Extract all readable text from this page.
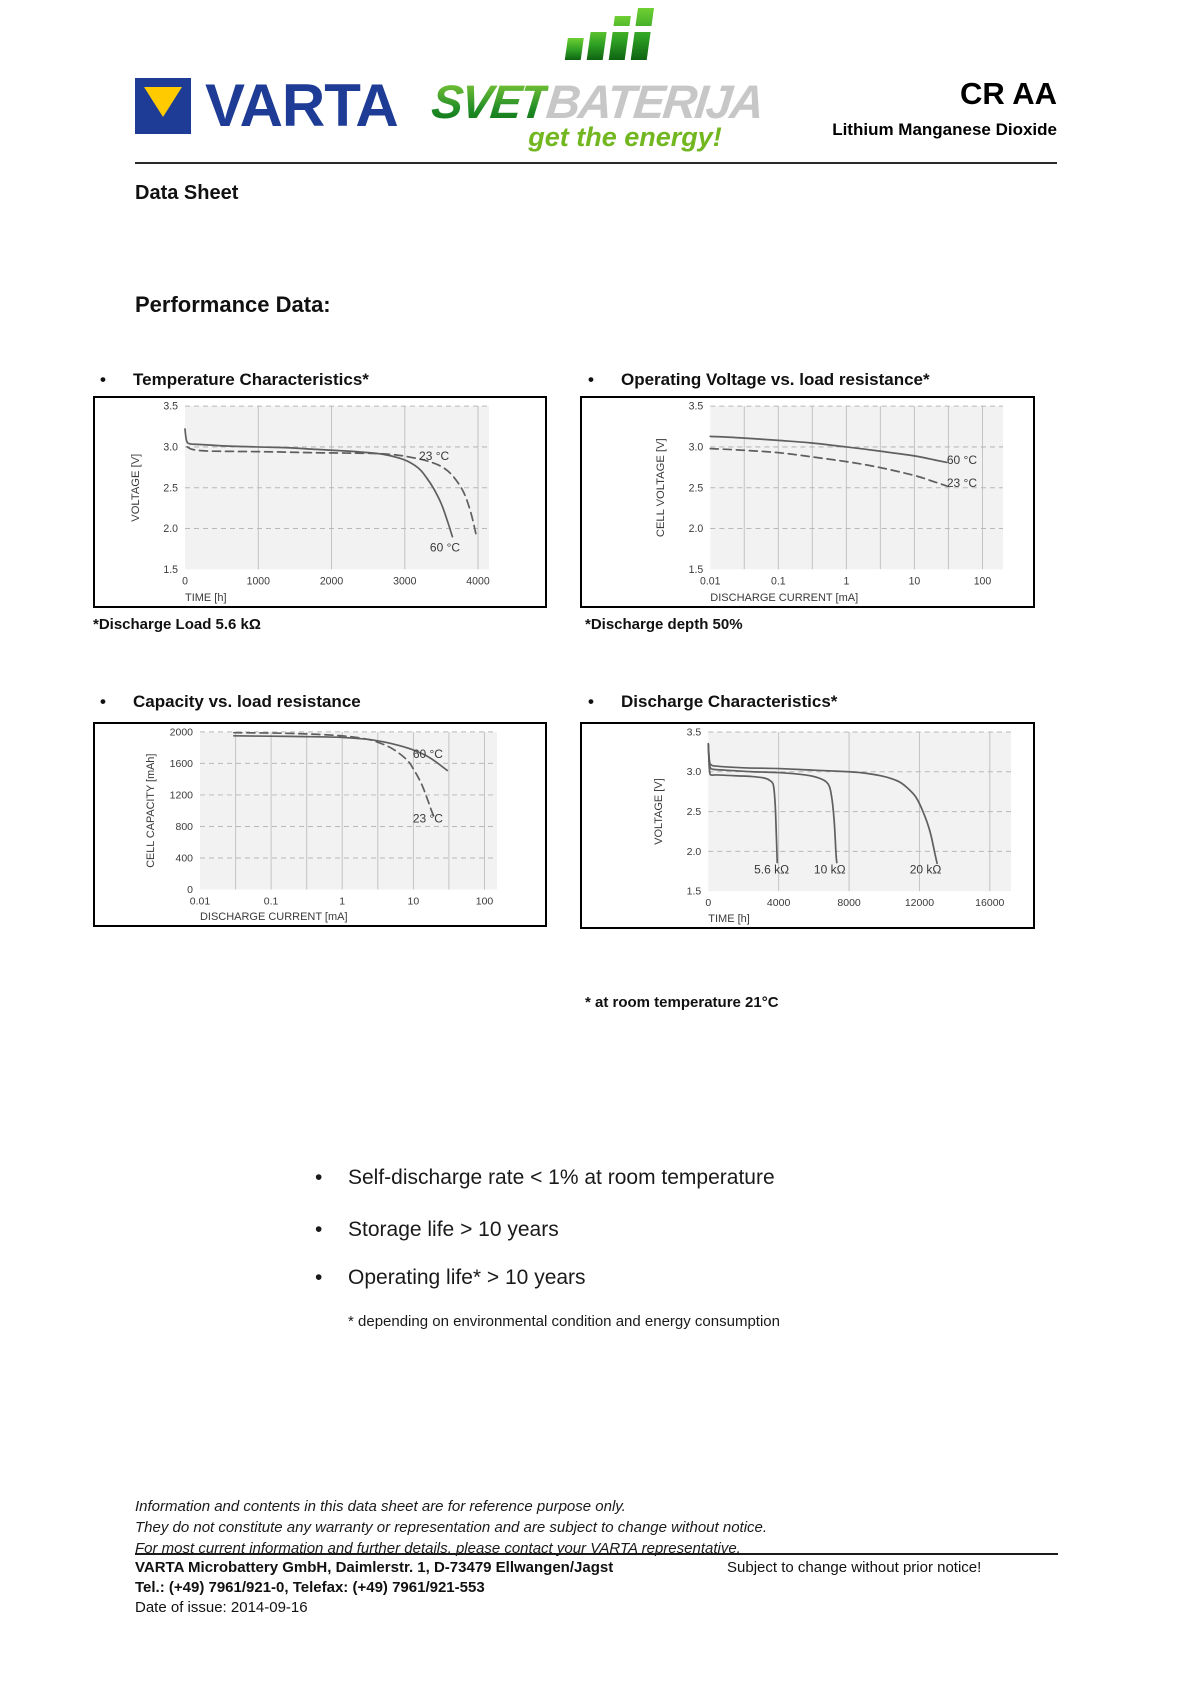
VARTA SVETBATERIJA
get the energy!
CR AA
Lithium Manganese Dioxide
Data Sheet
Performance Data:
•	Temperature Characteristics*	•	Operating Voltage vs. load resistance*
•	Capacity vs. load resistance	•	Discharge Characteristics*
23 °C
60 °C
0	1000	2000	3000	4000
1.5
2.0
2.5
3.0
3.5
TIME [h]
VOLTAGE [V]	60 °C
23 °C
0.01	0.1	1	10	100
1.5
2.0
2.5
3.0
3.5
DISCHARGE CURRENT [mA]
CELL VOLTAGE [V]
60 °C
23 °C
0.01	0.1	1	10	100
0
400
800
1200
1600
2000
DISCHARGE CURRENT [mA]
CELL CAPACITY [mAh]
5.6 kΩ 10 kΩ	20 kΩ
0	4000	8000	12000	16000
1.5
2.0
2.5
3.0
3.5
TIME [h]
VOLTAGE [V]
*Discharge Load 5.6 kΩ	*Discharge depth 50%
* at room temperature 21°C
•	Self-discharge rate < 1% at room temperature
•	Storage life > 10 years
•	Operating life* > 10 years
* depending on environmental condition and energy consumption
Information and contents in this data sheet are for reference purpose only.
They do not constitute any warranty or representation and are subject to change without notice.
For most current information and further details, please contact your VARTA representative.
VARTA Microbattery GmbH, Daimlerstr. 1, D-73479 Ellwangen/Jagst	Subject to change without prior notice!
Tel.: (+49) 7961/921-0, Telefax: (+49) 7961/921-553
Date of issue: 2014-09-16
